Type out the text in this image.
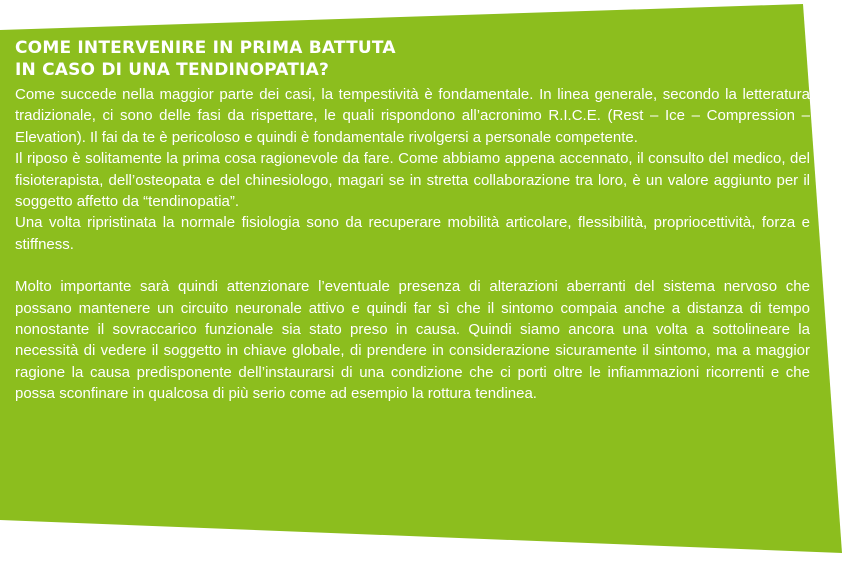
COME INTERVENIRE IN PRIMA BATTUTA
IN CASO DI UNA TENDINOPATIA?

Come succede nella maggior parte dei casi, la tempestività è fondamentale. In linea generale, secondo la letteratura tradizionale, ci sono delle fasi da rispettare, le quali rispondono all’acronimo R.I.C.E. (Rest – Ice – Compression – Elevation). Il fai da te è pericoloso e quindi è fondamentale rivolgersi a personale competente.

Il riposo è solitamente la prima cosa ragionevole da fare. Come abbiamo appena accennato, il consulto del medico, del fisioterapista, dell’osteopata e del chinesiologo, magari se in stretta collaborazione tra loro, è un valore aggiunto per il soggetto affetto da “tendinopatia”.

Una volta ripristinata la normale fisiologia sono da recuperare mobilità articolare, flessibilità, propriocettività, forza e stiffness.

Molto importante sarà quindi attenzionare l’eventuale presenza di alterazioni aberranti del sistema nervoso che possano mantenere un circuito neuronale attivo e quindi far sì che il sintomo compaia anche a distanza di tempo nonostante il sovraccarico funzionale sia stato preso in causa. Quindi siamo ancora una volta a sottolineare la necessità di vedere il soggetto in chiave globale, di prendere in considerazione sicuramente il sintomo, ma a maggior ragione la causa predisponente dell’instaurarsi di una condizione che ci porti oltre le infiammazioni ricorrenti e che possa sconfinare in qualcosa di più serio come ad esempio la rottura tendinea.
